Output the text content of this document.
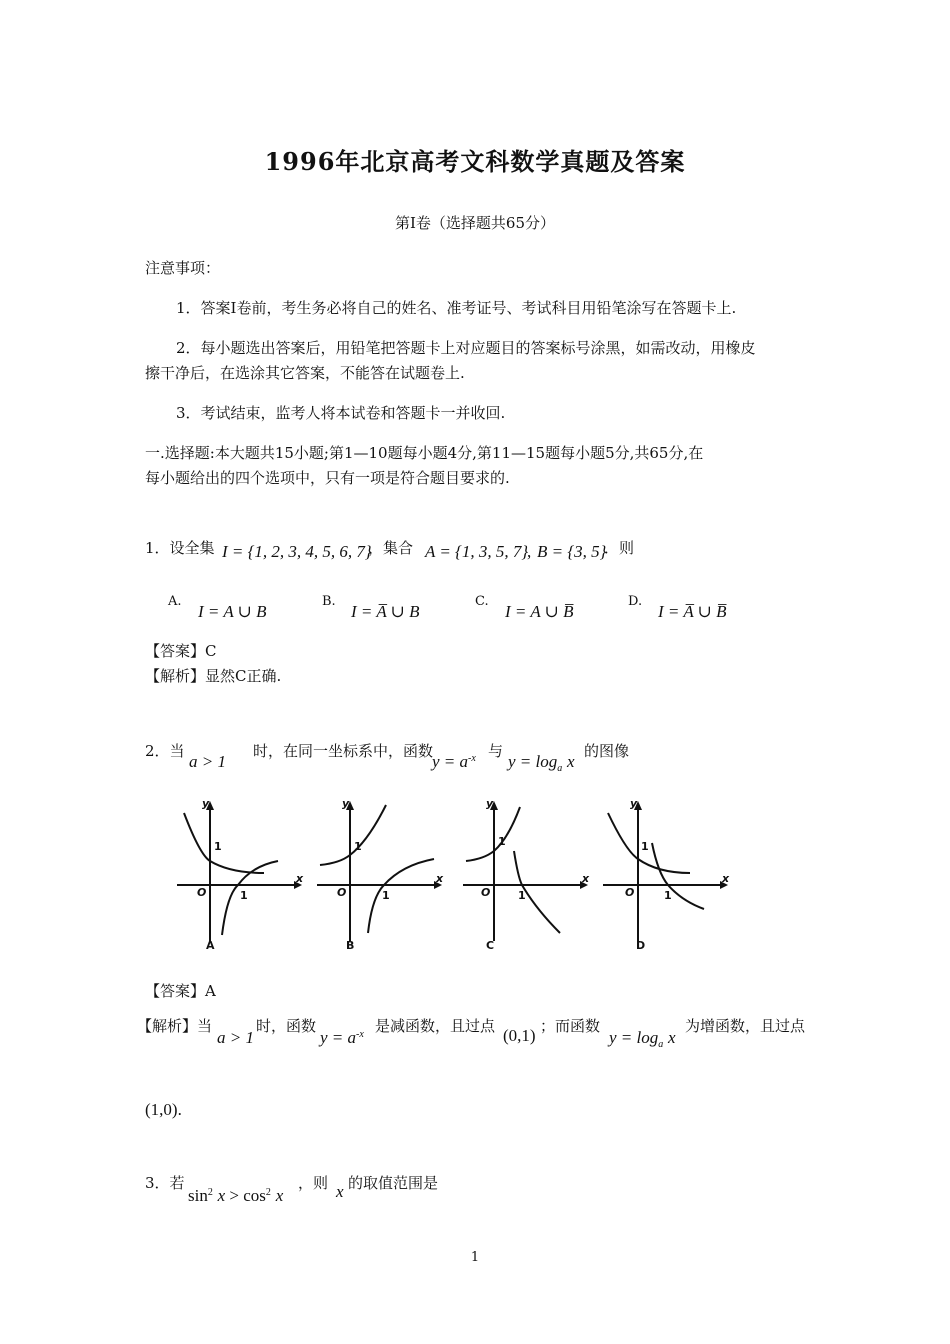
1996年北京高考文科数学真题及答案
第Ⅰ卷（选择题共65分）
注意事项：
1．答案Ⅰ卷前，考生务必将自己的姓名、准考证号、考试科目用铅笔涂写在答题卡上.
2．每小题选出答案后，用铅笔把答题卡上对应题目的答案标号涂黑，如需改动，用橡皮
擦干净后，在选涂其它答案，不能答在试题卷上.
3．考试结束，监考人将本试卷和答题卡一并收回.
一.选择题:本大题共15小题;第1—10题每小题4分,第11—15题每小题5分,共65分,在
每小题给出的四个选项中，只有一项是符合题目要求的.
1．设全集 I = {1, 2, 3, 4, 5, 6, 7}
，集合 A = {1, 3, 5, 7}
, B = {3, 5}
．则
A.
I = A ∪ B
B.
I = A̅ ∪ B
C.
I = A ∪ B̅
D.
I = A̅ ∪ B̅
【答案】C
【解析】显然C正确.
2．当
a > 1
时，在同一坐标系中，函数
$y = a^{-x}$ 与
$y = \log_a x$
的图像
y
x
O
1
1
A
y
x
O
1
1
B
y
x
O
1
1
C
y
x
O
1
1
D
【答案】A
【解析】当
a > 1
时，函数
$y = a^{-x}$ 是减函数，且过点 (0,1) ；而函数
$y = \log_a x$
为增函数，且过点
(1,0).
3．若
$\sin^2 x > \cos^2 x$
，则 x 的取值范围是
1
